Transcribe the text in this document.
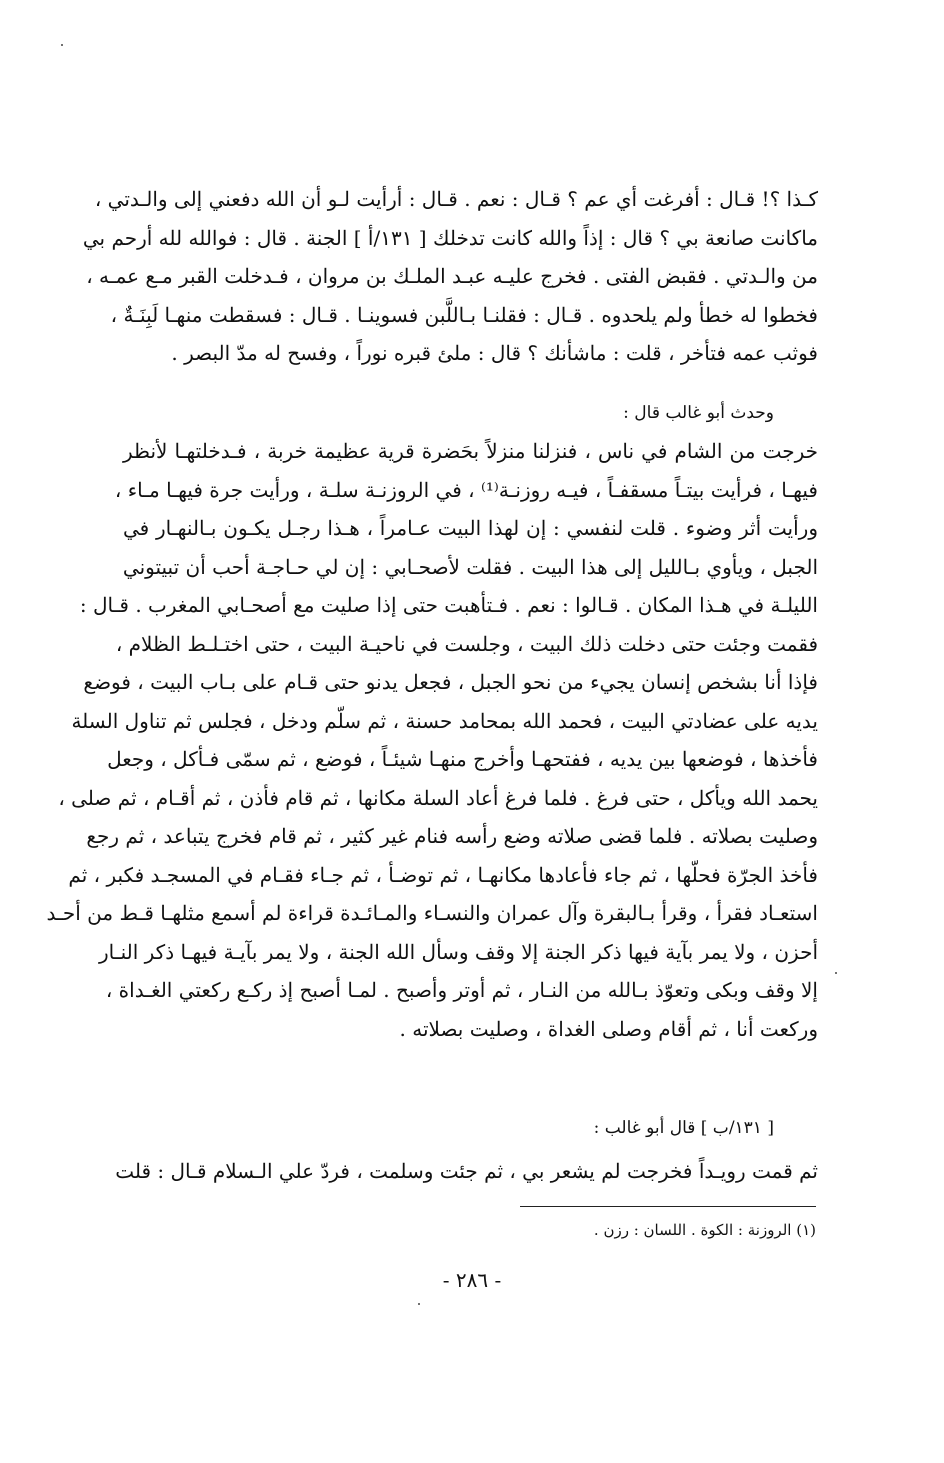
كـذا ؟! قـال : أفرغت أي عم ؟ قـال : نعم . قـال : أرأيت لـو أن الله دفعني إلى والـدتي ،
ماكانت صانعة بي ؟ قال : إذاً والله كانت تدخلك [ ١٣١/أ ] الجنة . قال : فوالله لله أرحم بي
من والـدتي . فقبض الفتى . فخرج عليـه عبـد الملـك بن مروان ، فـدخلت القبر مـع عمـه ،
فخطوا له خطأ ولم يلحدوه . قـال : فقلنـا بـاللَّبن فسوينـا . قـال : فسقطت منهـا لَبِنَـةٌ ،
فوثب عمه فتأخر ، قلت : ماشأنك ؟ قال : ملئ قبره نوراً ، وفسح له مدّ البصر .
وحدث أبو غالب قال :
خرجت من الشام في ناس ، فنزلنا منزلاً بحَضرة قرية عظيمة خربة ، فـدخلتهـا لأنظر
فيهـا ، فرأيت بيتـاً مسقفـاً ، فيـه روزنـة⁽¹⁾ ، في الروزنـة سلـة ، ورأيت جرة فيهـا مـاء ،
ورأيت أثر وضوء . قلت لنفسي : إن لهذا البيت عـامراً ، هـذا رجـل يكـون بـالنهـار في
الجبل ، ويأوي بـالليل إلى هذا البيت . فقلت لأصحـابي : إن لي حـاجـة أحب أن تبيتوني
الليلـة في هـذا المكان . قـالوا : نعم . فـتأهبت حتى إذا صليت مع أصحـابي المغرب . قـال :
فقمت وجئت حتى دخلت ذلك البيت ، وجلست في ناحيـة البيت ، حتى اختـلـط الظلام ،
فإذا أنا بشخص إنسان يجيء من نحو الجبل ، فجعل يدنو حتى قـام على بـاب البيت ، فوضع
يديه على عضادتي البيت ، فحمد الله بمحامد حسنة ، ثم سلّم ودخل ، فجلس ثم تناول السلة
فأخذها ، فوضعها بين يديه ، ففتحهـا وأخرج منهـا شيئـاً ، فوضع ، ثم سمّى فـأكل ، وجعل
يحمد الله ويأكل ، حتى فرغ . فلما فرغ أعاد السلة مكانها ، ثم قام فأذن ، ثم أقـام ، ثم صلى ،
وصليت بصلاته . فلما قضى صلاته وضع رأسه فنام غير كثير ، ثم قام فخرج يتباعد ، ثم رجع
فأخذ الجرّة فحلّها ، ثم جاء فأعادها مكانهـا ، ثم توضـأ ، ثم جـاء فقـام في المسجـد فكبر ، ثم
استعـاد فقرأ ، وقرأ بـالبقرة وآل عمران والنسـاء والمـائـدة قراءة لم أسمع مثلهـا قـط من أحـد
أحزن ، ولا يمر بآية فيها ذكر الجنة إلا وقف وسأل الله الجنة ، ولا يمر بآيـة فيهـا ذكر النـار
إلا وقف وبكى وتعوّذ بـالله من النـار ، ثم أوتر وأصبح . لمـا أصبح إذ ركـع ركعتي الغـداة ،
وركعت أنا ، ثم أقام وصلى الغداة ، وصليت بصلاته .
[ ١٣١/ب ] قال أبو غالب :
ثم قمت رويـداً فخرجت لم يشعر بي ، ثم جئت وسلمت ، فردّ علي الـسلام قـال : قلت
(١) الروزنة : الكوة . اللسان : رزن .
- ٢٨٦ -
